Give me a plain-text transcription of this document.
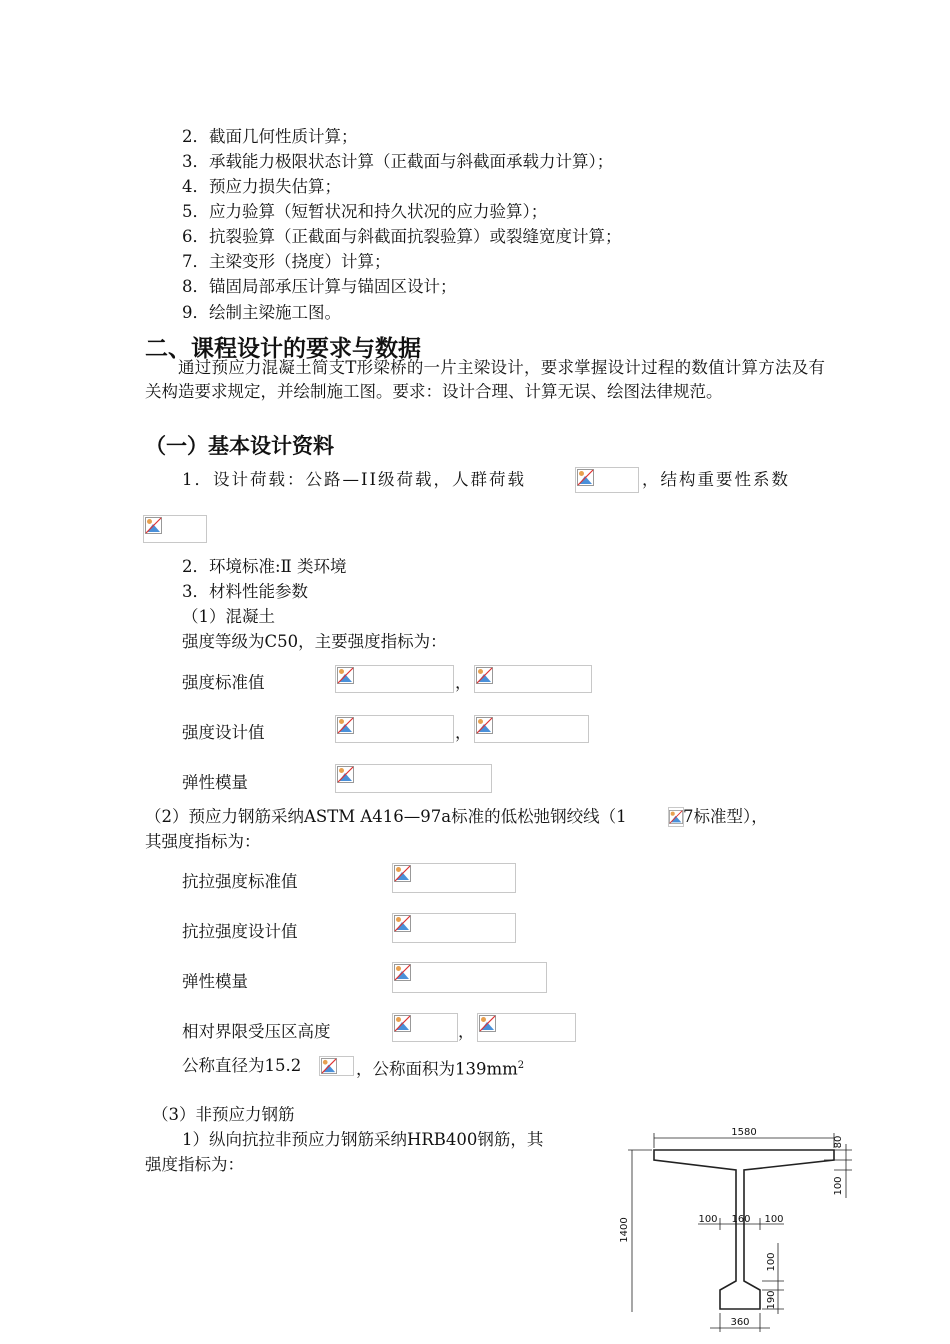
2．截面几何性质计算；
3．承载能力极限状态计算（正截面与斜截面承载力计算）；
4．预应力损失估算；
5．应力验算（短暂状况和持久状况的应力验算）；
6．抗裂验算（正截面与斜截面抗裂验算）或裂缝宽度计算；
7．主梁变形（挠度）计算；
8．锚固局部承压计算与锚固区设计；
9．绘制主梁施工图。
二、课程设计的要求与数据
通过预应力混凝土简支T形梁桥的一片主梁设计，要求掌握设计过程的数值计算方法及有关构造要求规定，并绘制施工图。要求：设计合理、计算无误、绘图法律规范。
（一）基本设计资料
1．设计荷载：公路—II级荷载，人群荷载	，结构重要性系数
2．环境标准:Ⅱ 类环境
3．材料性能参数
（1）混凝土
强度等级为C50，主要强度指标为：
强度标准值	，
强度设计值	，
弹性模量
（2）预应力钢筋采纳ASTM A416—97a标准的低松弛钢绞线（1	7标准型），
其强度指标为：
抗拉强度标准值
抗拉强度设计值
弹性模量
相对界限受压区高度	，
公称直径为15.2	，公称面积为$139mm^2$
（3）非预应力钢筋
1）纵向抗拉非预应力钢筋采纳HRB400钢筋，其
强度指标为：
1580
80
100
1400	100 160 100
100
190
360
